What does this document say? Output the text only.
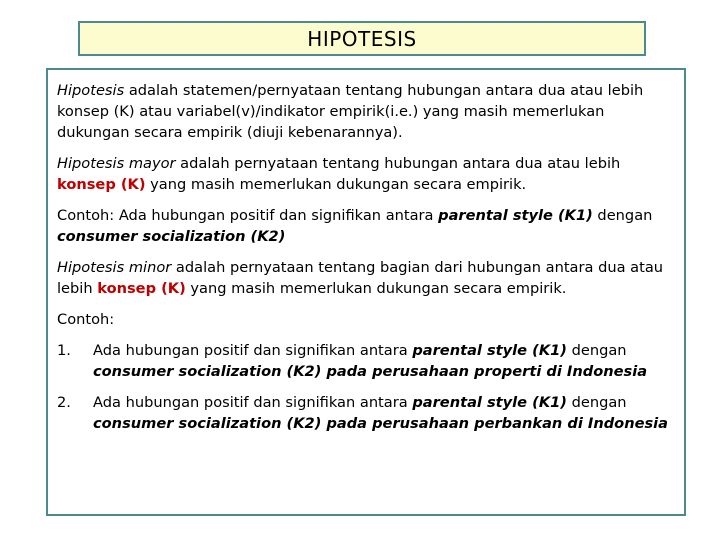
HIPOTESIS

Hipotesis adalah statemen/pernyataan tentang hubungan antara dua atau lebih konsep (K) atau variabel(v)/indikator empirik(i.e.) yang masih memerlukan dukungan secara empirik (diuji kebenarannya).

Hipotesis mayor adalah pernyataan tentang hubungan antara dua atau lebih konsep (K) yang masih memerlukan dukungan secara empirik.

Contoh: Ada hubungan positif dan signifikan antara parental style (K1) dengan consumer socialization (K2)

Hipotesis minor adalah pernyataan tentang bagian dari hubungan antara dua atau lebih konsep (K) yang masih memerlukan dukungan secara empirik.

Contoh:

1.	Ada hubungan positif dan signifikan antara parental style (K1) dengan consumer socialization (K2) pada perusahaan properti di Indonesia
2.	Ada hubungan positif dan signifikan antara parental style (K1) dengan consumer socialization (K2) pada perusahaan perbankan di Indonesia
